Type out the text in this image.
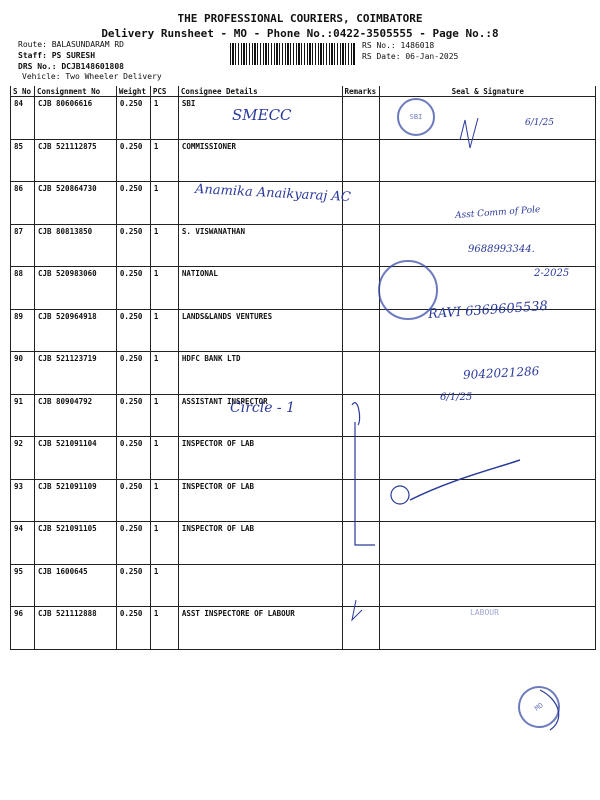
THE PROFESSIONAL COURIERS, COIMBATORE
Delivery Runsheet - MO - Phone No.:0422-3505555 - Page No.:8
Route: BALASUNDARAM RD
Staff: PS SURESH
DRS No.: DCJB148601808
Vehicle: Two Wheeler Delivery
RS No.: 1486018
RS Date: 06-Jan-2025
S No	Consignment No	Weight	PCS	Consignee Details	Remarks	Seal & Signature
84	CJB 80606616	0.250	1	SBI		
85	CJB 521112875	0.250	1	COMMISSIONER		
86	CJB 520864730	0.250	1			
87	CJB 80813850	0.250	1	S. VISWANATHAN		
88	CJB 520983060	0.250	1	NATIONAL		
89	CJB 520964918	0.250	1	LANDS&LANDS VENTURES		
90	CJB 521123719	0.250	1	HDFC BANK LTD		
91	CJB 80904792	0.250	1	ASSISTANT INSPECTOR		
92	CJB 521091104	0.250	1	INSPECTOR OF LAB		
93	CJB 521091109	0.250	1	INSPECTOR OF LAB		
94	CJB 521091105	0.250	1	INSPECTOR OF LAB		
95	CJB 1600645	0.250	1			
96	CJB 521112888	0.250	1	ASST INSPECTORE OF LABOUR		
SMECC
Anamika Anaikyaraj AC
9688993344.
2-2025
RAVI 6369605538
9042021286
Circle - 1
6/1/25
6/1/25
Asst Comm of Pole
SBI
MO
LABOUR
